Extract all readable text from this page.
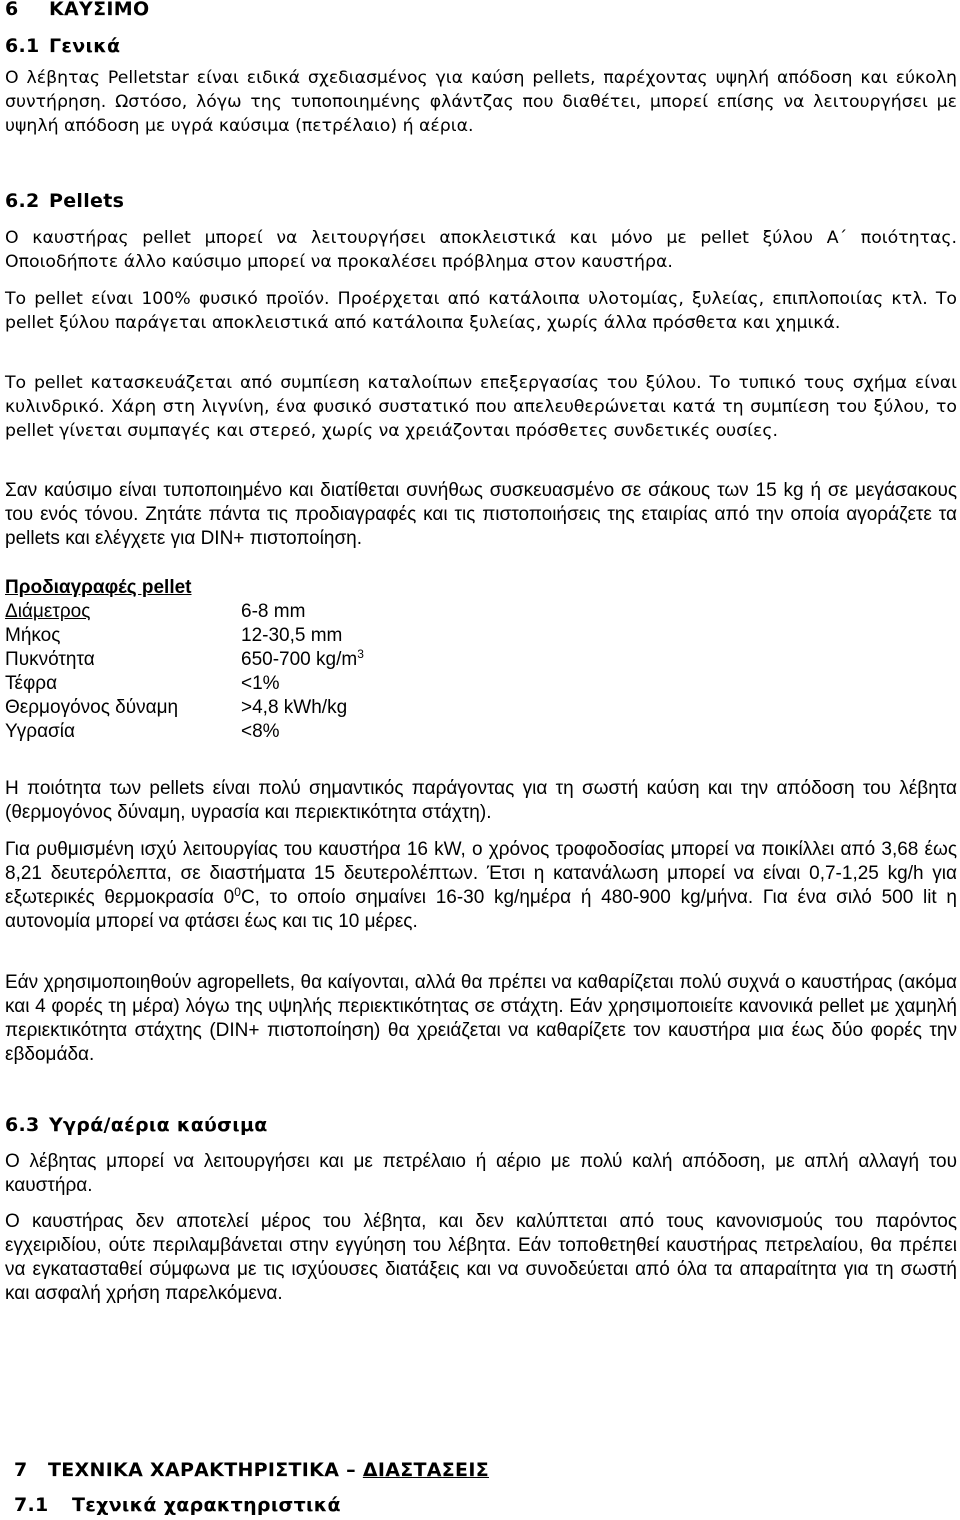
6 ΚΑΥΣΙΜΟ
6.1 Γενικά

Ο λέβητας Pelletstar είναι ειδικά σχεδιασμένος για καύση pellets, παρέχοντας υψηλή απόδοση και εύκολη συντήρηση. Ωστόσο, λόγω της τυποποιημένης φλάντζας που διαθέτει, μπορεί επίσης να λειτουργήσει με υψηλή απόδοση με υγρά καύσιμα (πετρέλαιο) ή αέρια.

6.2 Pellets

Ο καυστήρας pellet μπορεί να λειτουργήσει αποκλειστικά και μόνο με pellet ξύλου Α΄ ποιότητας. Οποιοδήποτε άλλο καύσιμο μπορεί να προκαλέσει πρόβλημα στον καυστήρα.

Το pellet είναι 100% φυσικό προϊόν. Προέρχεται από κατάλοιπα υλοτομίας, ξυλείας, επιπλοποιίας κτλ. Το pellet ξύλου παράγεται αποκλειστικά από κατάλοιπα ξυλείας, χωρίς άλλα πρόσθετα και χημικά.

Το pellet κατασκευάζεται από συμπίεση καταλοίπων επεξεργασίας του ξύλου. Το τυπικό τους σχήμα είναι κυλινδρικό. Χάρη στη λιγνίνη, ένα φυσικό συστατικό που απελευθερώνεται κατά τη συμπίεση του ξύλου, το pellet γίνεται συμπαγές και στερεό, χωρίς να χρειάζονται πρόσθετες συνδετικές ουσίες.

Σαν καύσιμο είναι τυποποιημένο και διατίθεται συνήθως συσκευασμένο σε σάκους των 15 kg ή σε μεγάσακους του ενός τόνου. Ζητάτε πάντα τις προδιαγραφές και τις πιστοποιήσεις της εταιρίας από την οποία αγοράζετε τα pellets και ελέγχετε για DIN+ πιστοποίηση.

Προδιαγραφές pellet
Διάμετρος	6-8 mm
Μήκος	12-30,5 mm
Πυκνότητα	650-700 $kg/m^3$
Τέφρα	<1%
Θερμογόνος δύναμη	>4,8 kWh/kg
Υγρασία	<8%

Η ποιότητα των pellets είναι πολύ σημαντικός παράγοντας για τη σωστή καύση και την απόδοση του λέβητα (θερμογόνος δύναμη, υγρασία και περιεκτικότητα στάχτη).

Για ρυθμισμένη ισχύ λειτουργίας του καυστήρα 16 kW, ο χρόνος τροφοδοσίας μπορεί να ποικίλλει από 3,68 έως 8,21 δευτερόλεπτα, σε διαστήματα 15 δευτερολέπτων. Έτσι η κατανάλωση μπορεί να είναι 0,7-1,25 kg/h για εξωτερικές θερμοκρασία $0^0C$, το οποίο σημαίνει 16-30 kg/ημέρα ή 480-900 kg/μήνα. Για ένα σιλό 500 lit η αυτονομία μπορεί να φτάσει έως και τις 10 μέρες.

Εάν χρησιμοποιηθούν agropellets, θα καίγονται, αλλά θα πρέπει να καθαρίζεται πολύ συχνά ο καυστήρας (ακόμα και 4 φορές τη μέρα) λόγω της υψηλής περιεκτικότητας σε στάχτη. Εάν χρησιμοποιείτε κανονικά pellet με χαμηλή περιεκτικότητα στάχτης (DIN+ πιστοποίηση) θα χρειάζεται να καθαρίζετε τον καυστήρα μια έως δύο φορές την εβδομάδα.

6.3 Υγρά/αέρια καύσιμα

Ο λέβητας μπορεί να λειτουργήσει και με πετρέλαιο ή αέριο με πολύ καλή απόδοση, με απλή αλλαγή του καυστήρα.

Ο καυστήρας δεν αποτελεί μέρος του λέβητα, και δεν καλύπτεται από τους κανονισμούς του παρόντος εγχειριδίου, ούτε περιλαμβάνεται στην εγγύηση του λέβητα. Εάν τοποθετηθεί καυστήρας πετρελαίου, θα πρέπει να εγκατασταθεί σύμφωνα με τις ισχύουσες διατάξεις και να συνοδεύεται από όλα τα απαραίτητα για τη σωστή και ασφαλή χρήση παρελκόμενα.

7 ΤΕΧΝΙΚΑ ΧΑΡΑΚΤΗΡΙΣΤΙΚΑ – ΔΙΑΣΤΑΣΕΙΣ
7.1 Τεχνικά χαρακτηριστικά
